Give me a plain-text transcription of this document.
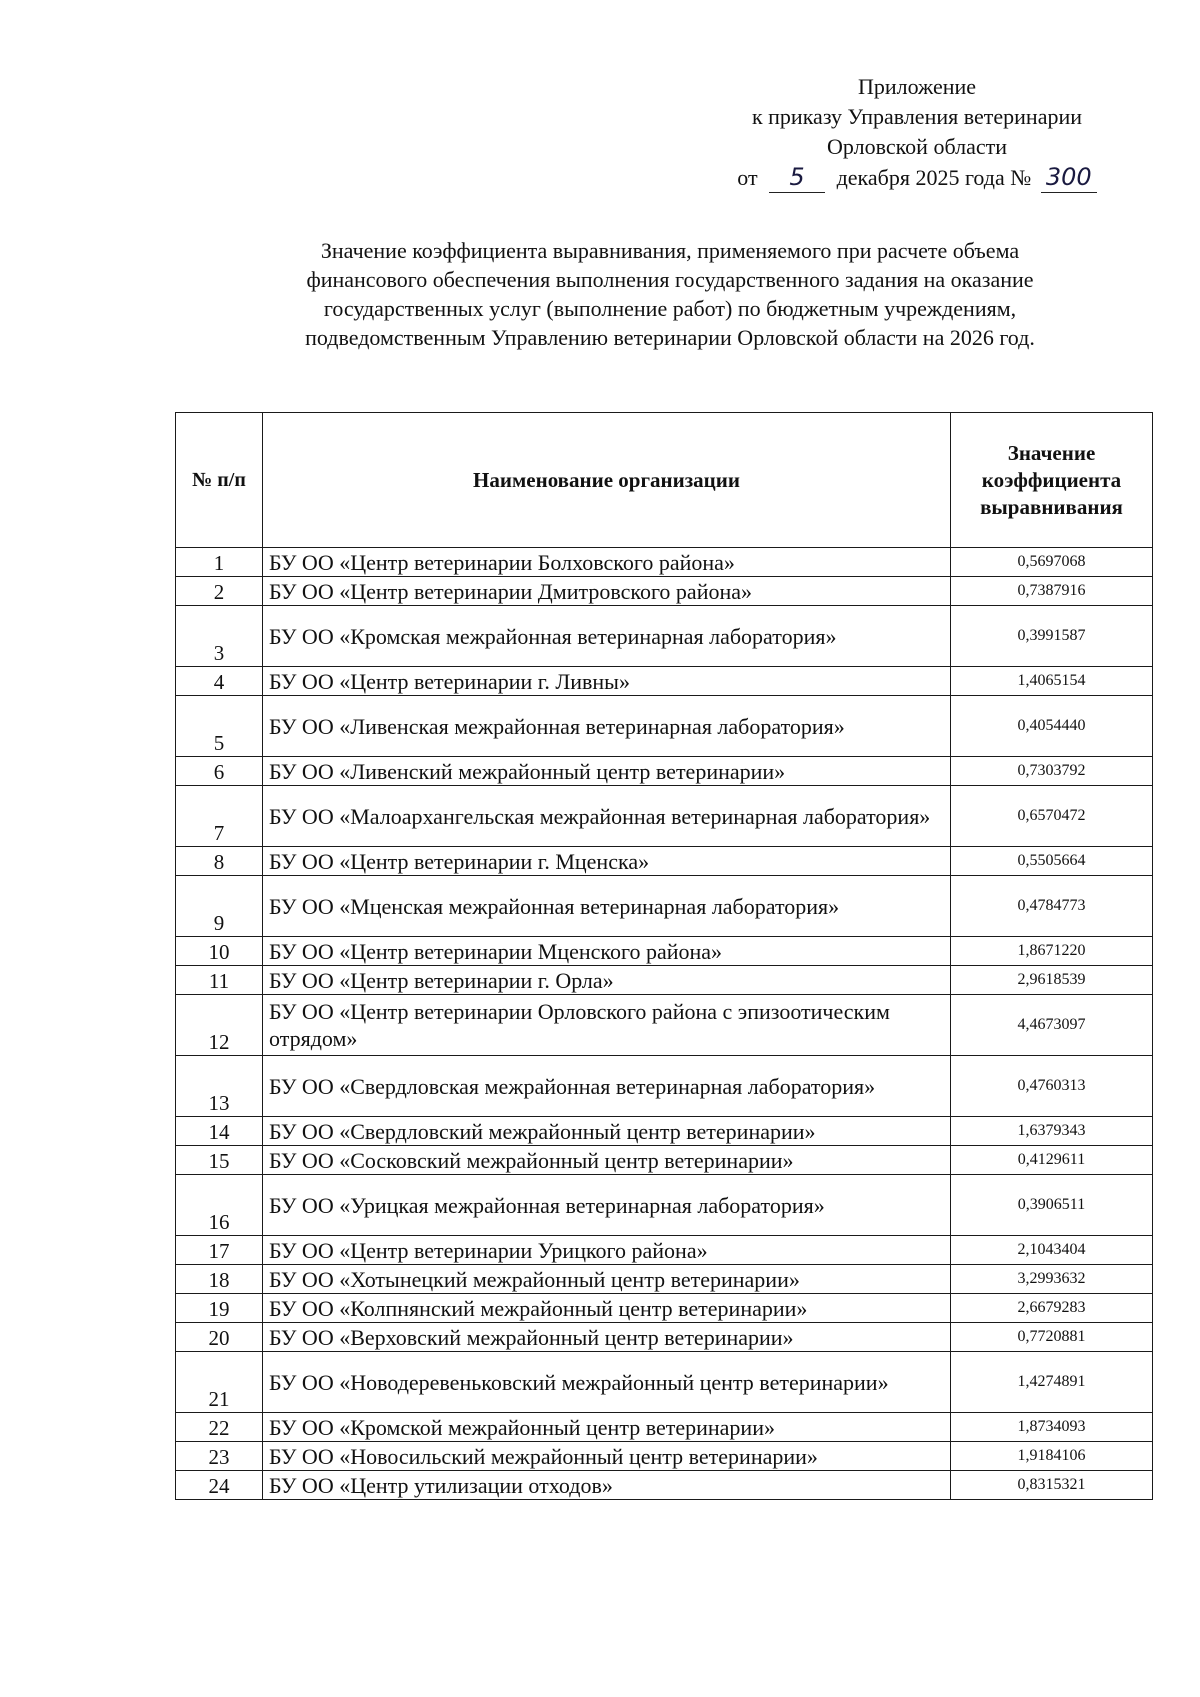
Приложение
к приказу Управления ветеринарии
Орловской области
от 5 декабря 2025 года № 300
Значение коэффициента выравнивания, применяемого при расчете объема
финансового обеспечения выполнения государственного задания на оказание
государственных услуг (выполнение работ) по бюджетным учреждениям,
подведомственным Управлению ветеринарии Орловской области на 2026 год.
№ п/п	Наименование организации	Значение коэффициента выравнивания
1	БУ ОО «Центр ветеринарии Болховского района»	0,5697068
2	БУ ОО «Центр ветеринарии Дмитровского района»	0,7387916
3	БУ ОО «Кромская межрайонная ветеринарная лаборатория»	0,3991587
4	БУ ОО «Центр ветеринарии г. Ливны»	1,4065154
5	БУ ОО «Ливенская межрайонная ветеринарная лаборатория»	0,4054440
6	БУ ОО «Ливенский межрайонный центр ветеринарии»	0,7303792
7	БУ ОО «Малоархангельская межрайонная ветеринарная лаборатория»	0,6570472
8	БУ ОО «Центр ветеринарии г. Мценска»	0,5505664
9	БУ ОО «Мценская межрайонная ветеринарная лаборатория»	0,4784773
10	БУ ОО «Центр ветеринарии Мценского района»	1,8671220
11	БУ ОО «Центр ветеринарии г. Орла»	2,9618539
12	БУ ОО «Центр ветеринарии Орловского района с эпизоотическим отрядом»	4,4673097
13	БУ ОО «Свердловская межрайонная ветеринарная лаборатория»	0,4760313
14	БУ ОО «Свердловский межрайонный центр ветеринарии»	1,6379343
15	БУ ОО «Сосковский межрайонный центр ветеринарии»	0,4129611
16	БУ ОО «Урицкая межрайонная ветеринарная лаборатория»	0,3906511
17	БУ ОО «Центр ветеринарии Урицкого района»	2,1043404
18	БУ ОО «Хотынецкий межрайонный центр ветеринарии»	3,2993632
19	БУ ОО «Колпнянский межрайонный центр ветеринарии»	2,6679283
20	БУ ОО «Верховский межрайонный центр ветеринарии»	0,7720881
21	БУ ОО «Новодеревеньковский межрайонный центр ветеринарии»	1,4274891
22	БУ ОО «Кромской межрайонный центр ветеринарии»	1,8734093
23	БУ ОО «Новосильский межрайонный центр ветеринарии»	1,9184106
24	БУ ОО «Центр утилизации отходов»	0,8315321
